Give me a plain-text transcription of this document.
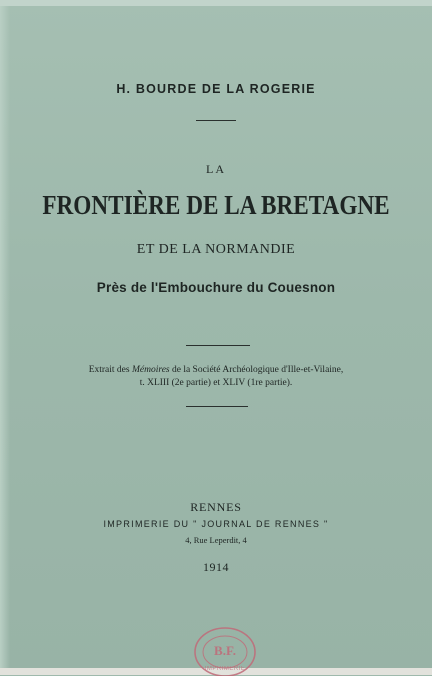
H. BOURDE DE LA ROGERIE
LA
FRONTIÈRE DE LA BRETAGNE
ET DE LA NORMANDIE
Près de l'Embouchure du Couesnon
Extrait des Mémoires de la Société Archéologique d'Ille-et-Vilaine,
t. XLIII (2e partie) et XLIV (1re partie).
RENNES
IMPRIMERIE DU " JOURNAL DE RENNES "
4, Rue Leperdit, 4
1914
B.F.
IMPRIMERIE
